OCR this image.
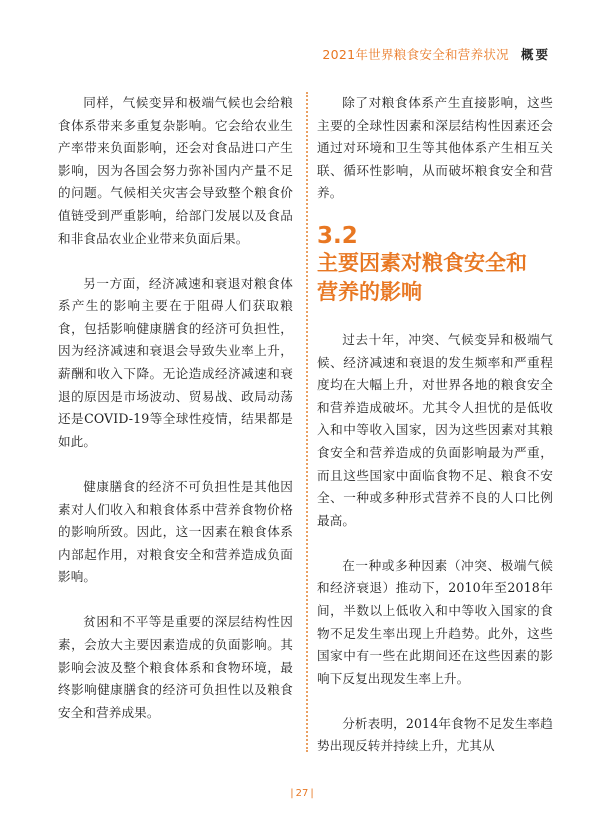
2021年世界粮食安全和营养状况 概要

同样，气候变异和极端气候也会给粮食体系带来多重复杂影响。它会给农业生产率带来负面影响，还会对食品进口产生影响，因为各国会努力弥补国内产量不足的问题。气候相关灾害会导致整个粮食价值链受到严重影响，给部门发展以及食品和非食品农业企业带来负面后果。

另一方面，经济减速和衰退对粮食体系产生的影响主要在于阻碍人们获取粮食，包括影响健康膳食的经济可负担性，因为经济减速和衰退会导致失业率上升，薪酬和收入下降。无论造成经济减速和衰退的原因是市场波动、贸易战、政局动荡还是COVID-19等全球性疫情，结果都是如此。

健康膳食的经济不可负担性是其他因素对人们收入和粮食体系中营养食物价格的影响所致。因此，这一因素在粮食体系内部起作用，对粮食安全和营养造成负面影响。

贫困和不平等是重要的深层结构性因素，会放大主要因素造成的负面影响。其影响会波及整个粮食体系和食物环境，最终影响健康膳食的经济可负担性以及粮食安全和营养成果。

除了对粮食体系产生直接影响，这些主要的全球性因素和深层结构性因素还会通过对环境和卫生等其他体系产生相互关联、循环性影响，从而破坏粮食安全和营养。

3.2
主要因素对粮食安全和
营养的影响

过去十年，冲突、气候变异和极端气候、经济减速和衰退的发生频率和严重程度均在大幅上升，对世界各地的粮食安全和营养造成破坏。尤其令人担忧的是低收入和中等收入国家，因为这些因素对其粮食安全和营养造成的负面影响最为严重，而且这些国家中面临食物不足、粮食不安全、一种或多种形式营养不良的人口比例最高。

在一种或多种因素（冲突、极端气候和经济衰退）推动下，2010年至2018年间，半数以上低收入和中等收入国家的食物不足发生率出现上升趋势。此外，这些国家中有一些在此期间还在这些因素的影响下反复出现发生率上升。

分析表明，2014年食物不足发生率趋势出现反转并持续上升，尤其从

| 27 |
